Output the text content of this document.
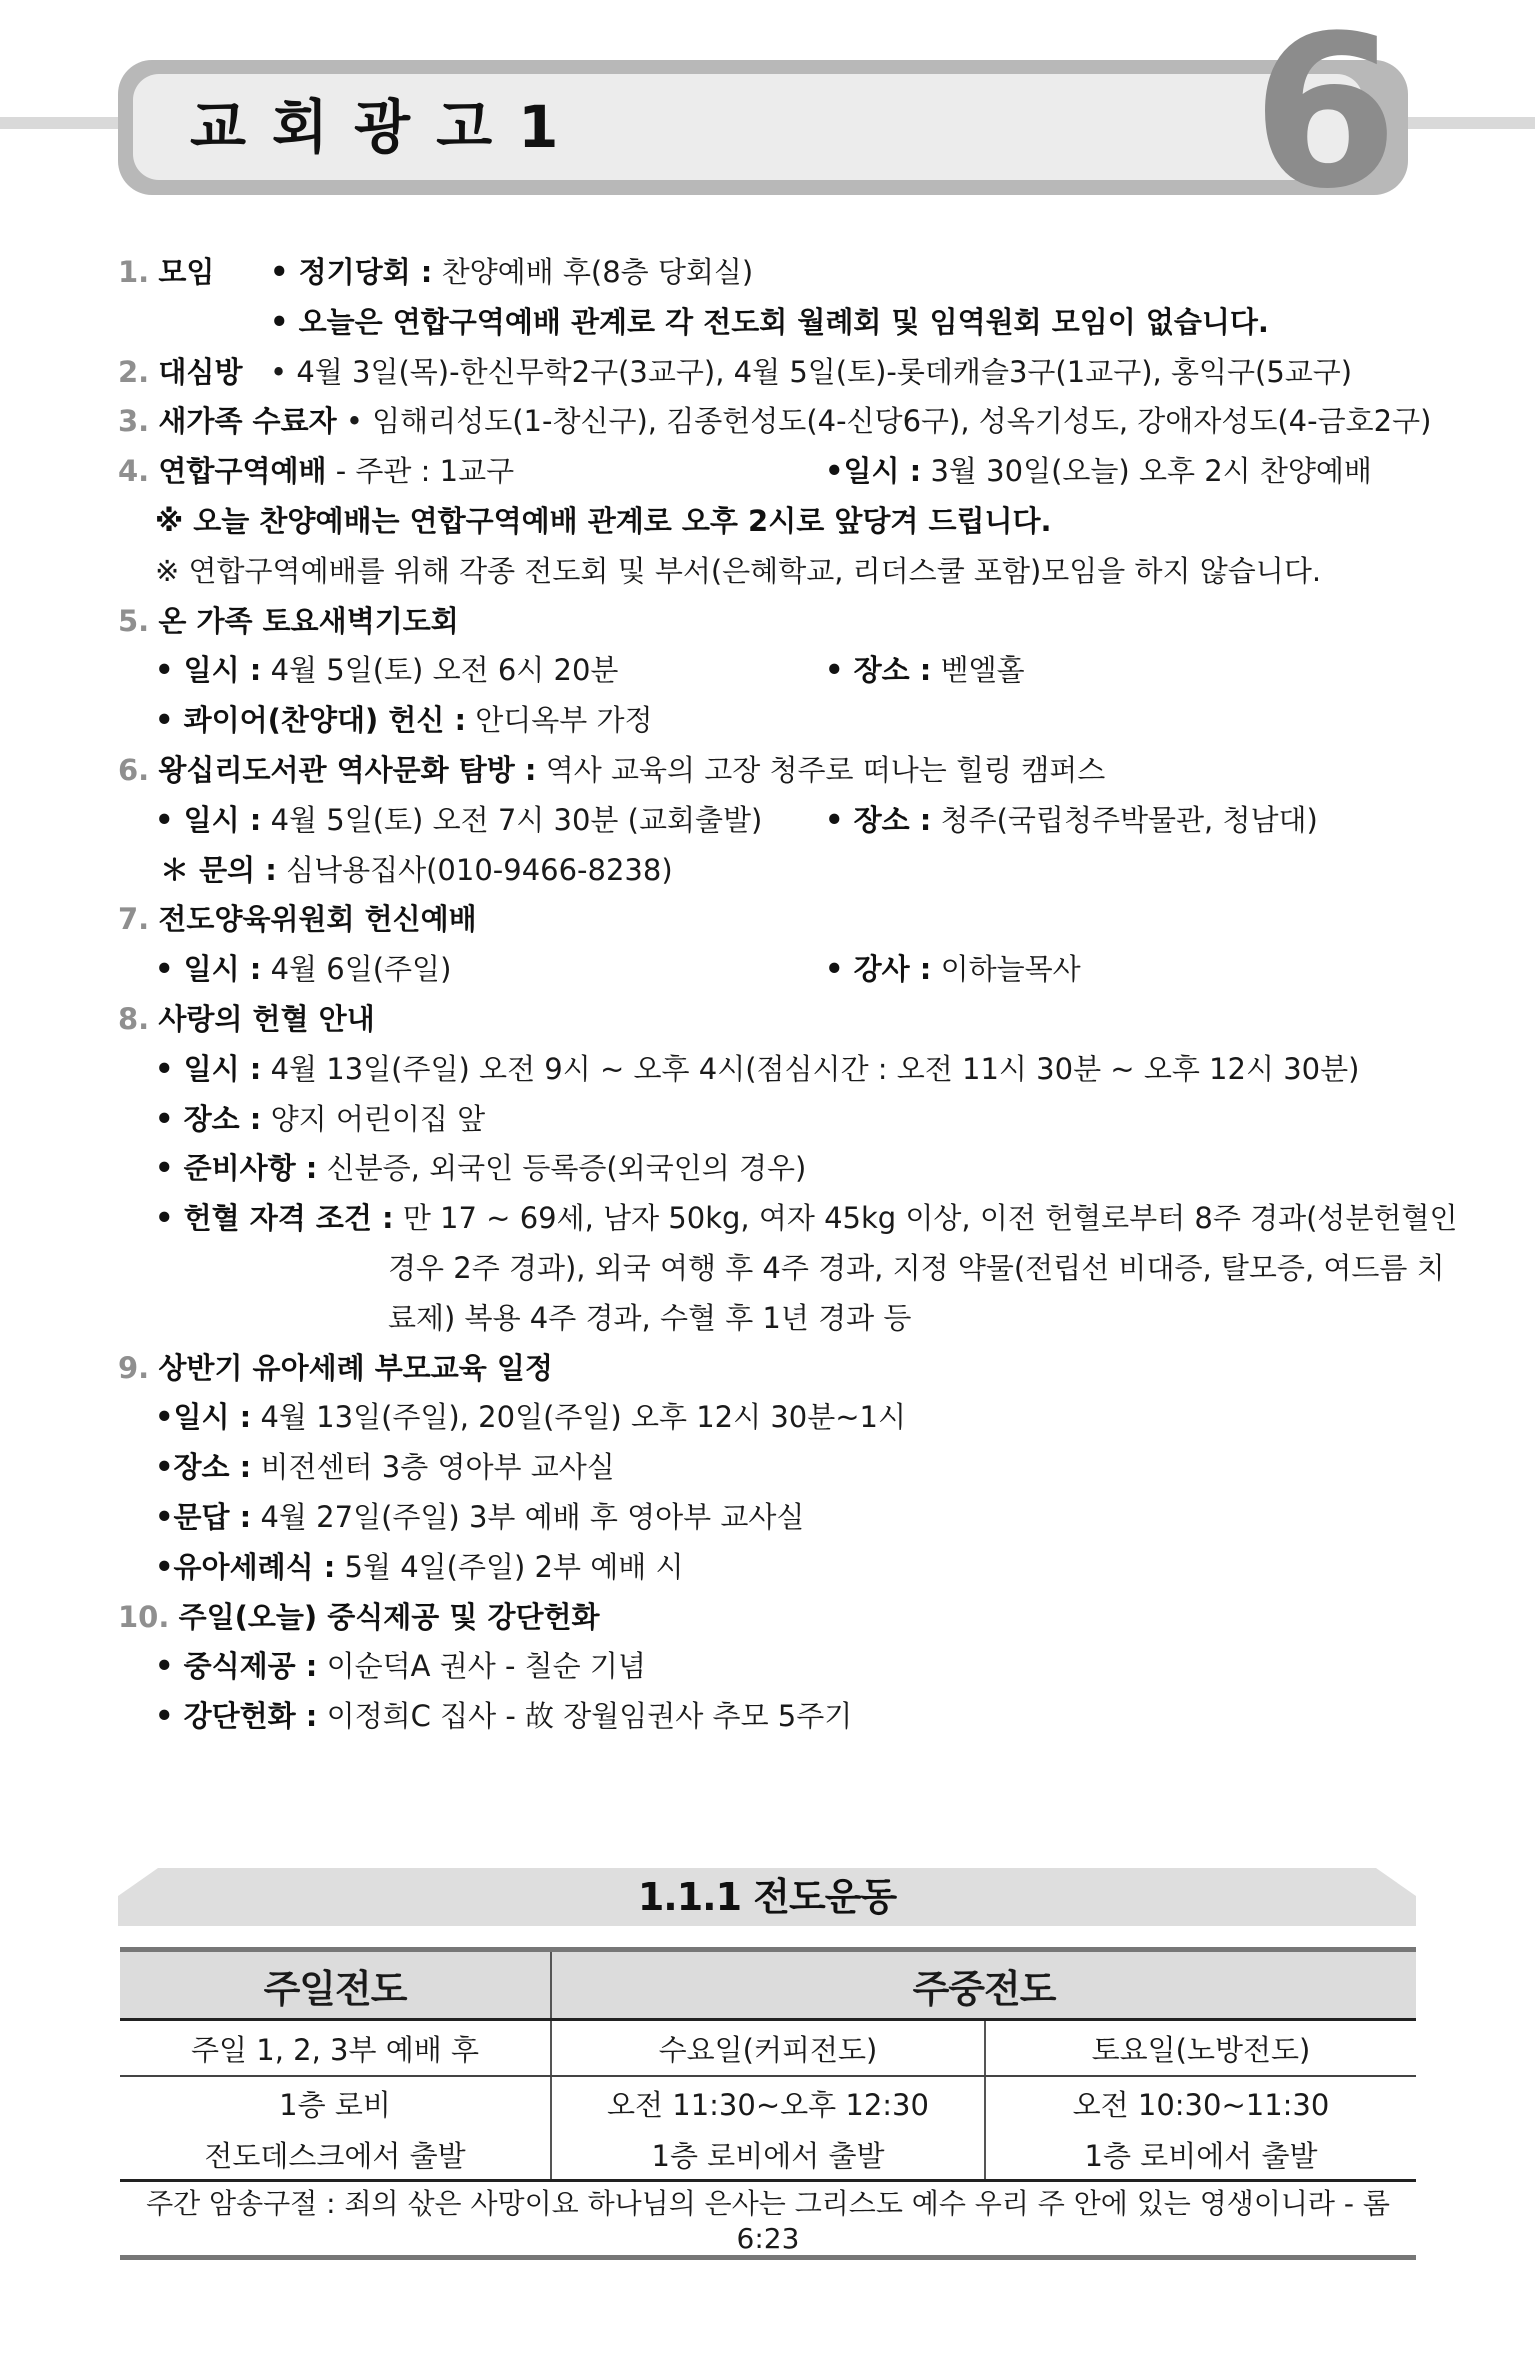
교회광고1	6
1. 모임 • 정기당회 : 찬양예배 후(8층 당회실)
• 오늘은 연합구역예배 관계로 각 전도회 월례회 및 임역원회 모임이 없습니다.
2. 대심방 • 4월 3일(목)-한신무학2구(3교구), 4월 5일(토)-롯데캐슬3구(1교구), 홍익구(5교구)
3. 새가족 수료자 • 임해리성도(1-창신구), 김종헌성도(4-신당6구), 성옥기성도, 강애자성도(4-금호2구)
4. 연합구역예배 - 주관 : 1교구	•일시 : 3월 30일(오늘) 오후 2시 찬양예배
※ 오늘 찬양예배는 연합구역예배 관계로 오후 2시로 앞당겨 드립니다.
※ 연합구역예배를 위해 각종 전도회 및 부서(은혜학교, 리더스쿨 포함)모임을 하지 않습니다.
5. 온 가족 토요새벽기도회
• 일시 : 4월 5일(토) 오전 6시 20분	• 장소 : 벧엘홀
• 콰이어(찬양대) 헌신 : 안디옥부 가정
6. 왕십리도서관 역사문화 탐방 : 역사 교육의 고장 청주로 떠나는 힐링 캠퍼스
• 일시 : 4월 5일(토) 오전 7시 30분 (교회출발) • 장소 : 청주(국립청주박물관, 청남대)
＊ 문의 : 심낙용집사(010-9466-8238)
7. 전도양육위원회 헌신예배
• 일시 : 4월 6일(주일)	• 강사 : 이하늘목사
8. 사랑의 헌혈 안내
• 일시 : 4월 13일(주일) 오전 9시 ~ 오후 4시(점심시간 : 오전 11시 30분 ~ 오후 12시 30분)
• 장소 : 양지 어린이집 앞
• 준비사항 : 신분증, 외국인 등록증(외국인의 경우)
• 헌혈 자격 조건 : 만 17 ~ 69세, 남자 50kg, 여자 45kg 이상, 이전 헌혈로부터 8주 경과(성분헌혈인
경우 2주 경과), 외국 여행 후 4주 경과, 지정 약물(전립선 비대증, 탈모증, 여드름 치
료제) 복용 4주 경과, 수혈 후 1년 경과 등
9. 상반기 유아세례 부모교육 일정
•일시 : 4월 13일(주일), 20일(주일) 오후 12시 30분~1시
•장소 : 비전센터 3층 영아부 교사실
•문답 : 4월 27일(주일) 3부 예배 후 영아부 교사실
•유아세례식 : 5월 4일(주일) 2부 예배 시
10. 주일(오늘) 중식제공 및 강단헌화
• 중식제공 : 이순덕A 권사 - 칠순 기념
• 강단헌화 : 이정희C 집사 - 故 장월임권사 추모 5주기
1.1.1 전도운동
주일전도	주중전도	
주일 1, 2, 3부 예배 후	수요일(커피전도)	토요일(노방전도)
1층 로비	오전 11:30~오후 12:30	오전 10:30~11:30
전도데스크에서 출발	1층 로비에서 출발	1층 로비에서 출발
주간 암송구절 : 죄의 삯은 사망이요 하나님의 은사는 그리스도 예수 우리 주 안에 있는 영생이니라 - 롬 6:23		
